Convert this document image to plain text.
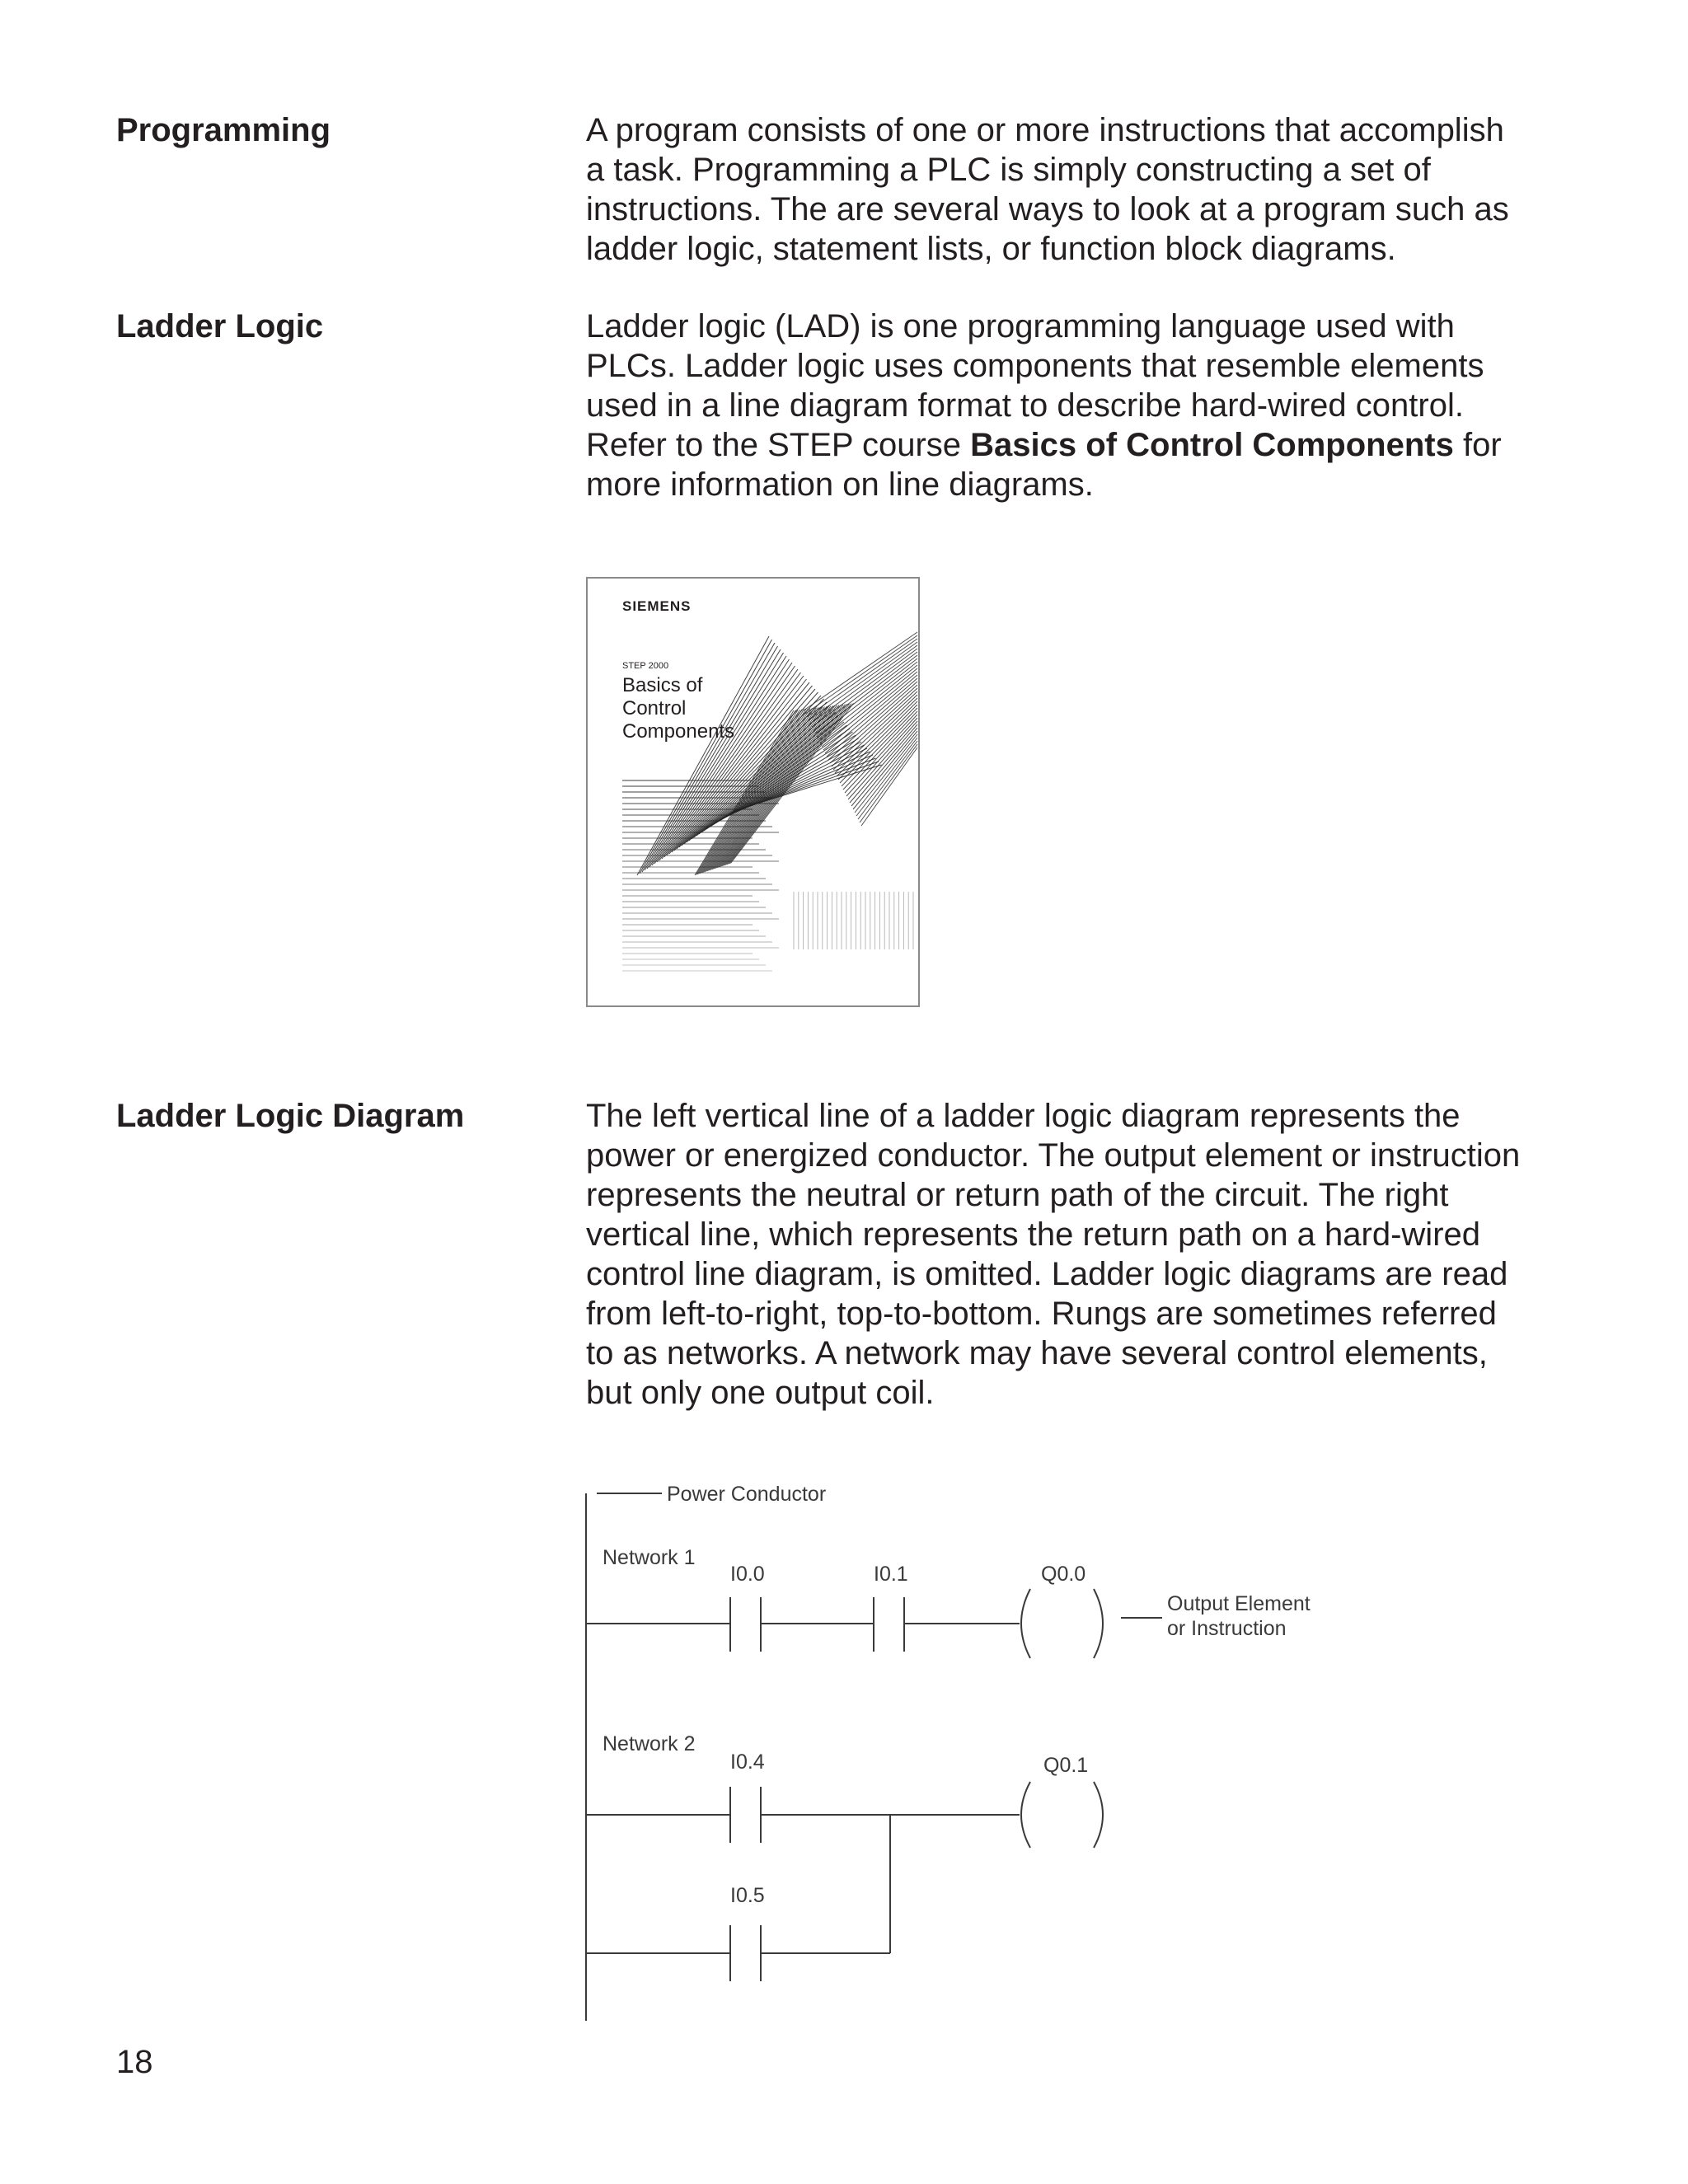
Programming	A program consists of one or more instructions that accomplish a task. Programming a PLC is simply constructing a set of instructions. The are several ways to look at a program such as ladder logic, statement lists, or function block diagrams.

Ladder Logic	Ladder logic (LAD) is one programming language used with PLCs. Ladder logic uses components that resemble elements used in a line diagram format to describe hard-wired control. Refer to the STEP course Basics of Control Components for more information on line diagrams.

SIEMENS
STEP 2000
Basics of Control Components
Ladder Logic Diagram	The left vertical line of a ladder logic diagram represents the power or energized conductor. The output element or instruction represents the neutral or return path of the circuit. The right vertical line, which represents the return path on a hard-wired control line diagram, is omitted. Ladder logic diagrams are read from left-to-right, top-to-bottom. Rungs are sometimes referred to as networks. A network may have several control elements, but only one output coil.

Power Conductor
Network 1
I0.0	I0.1	Q0.0
Output Element
or Instruction
Network 2
I0.4	Q0.1
I0.5
18
